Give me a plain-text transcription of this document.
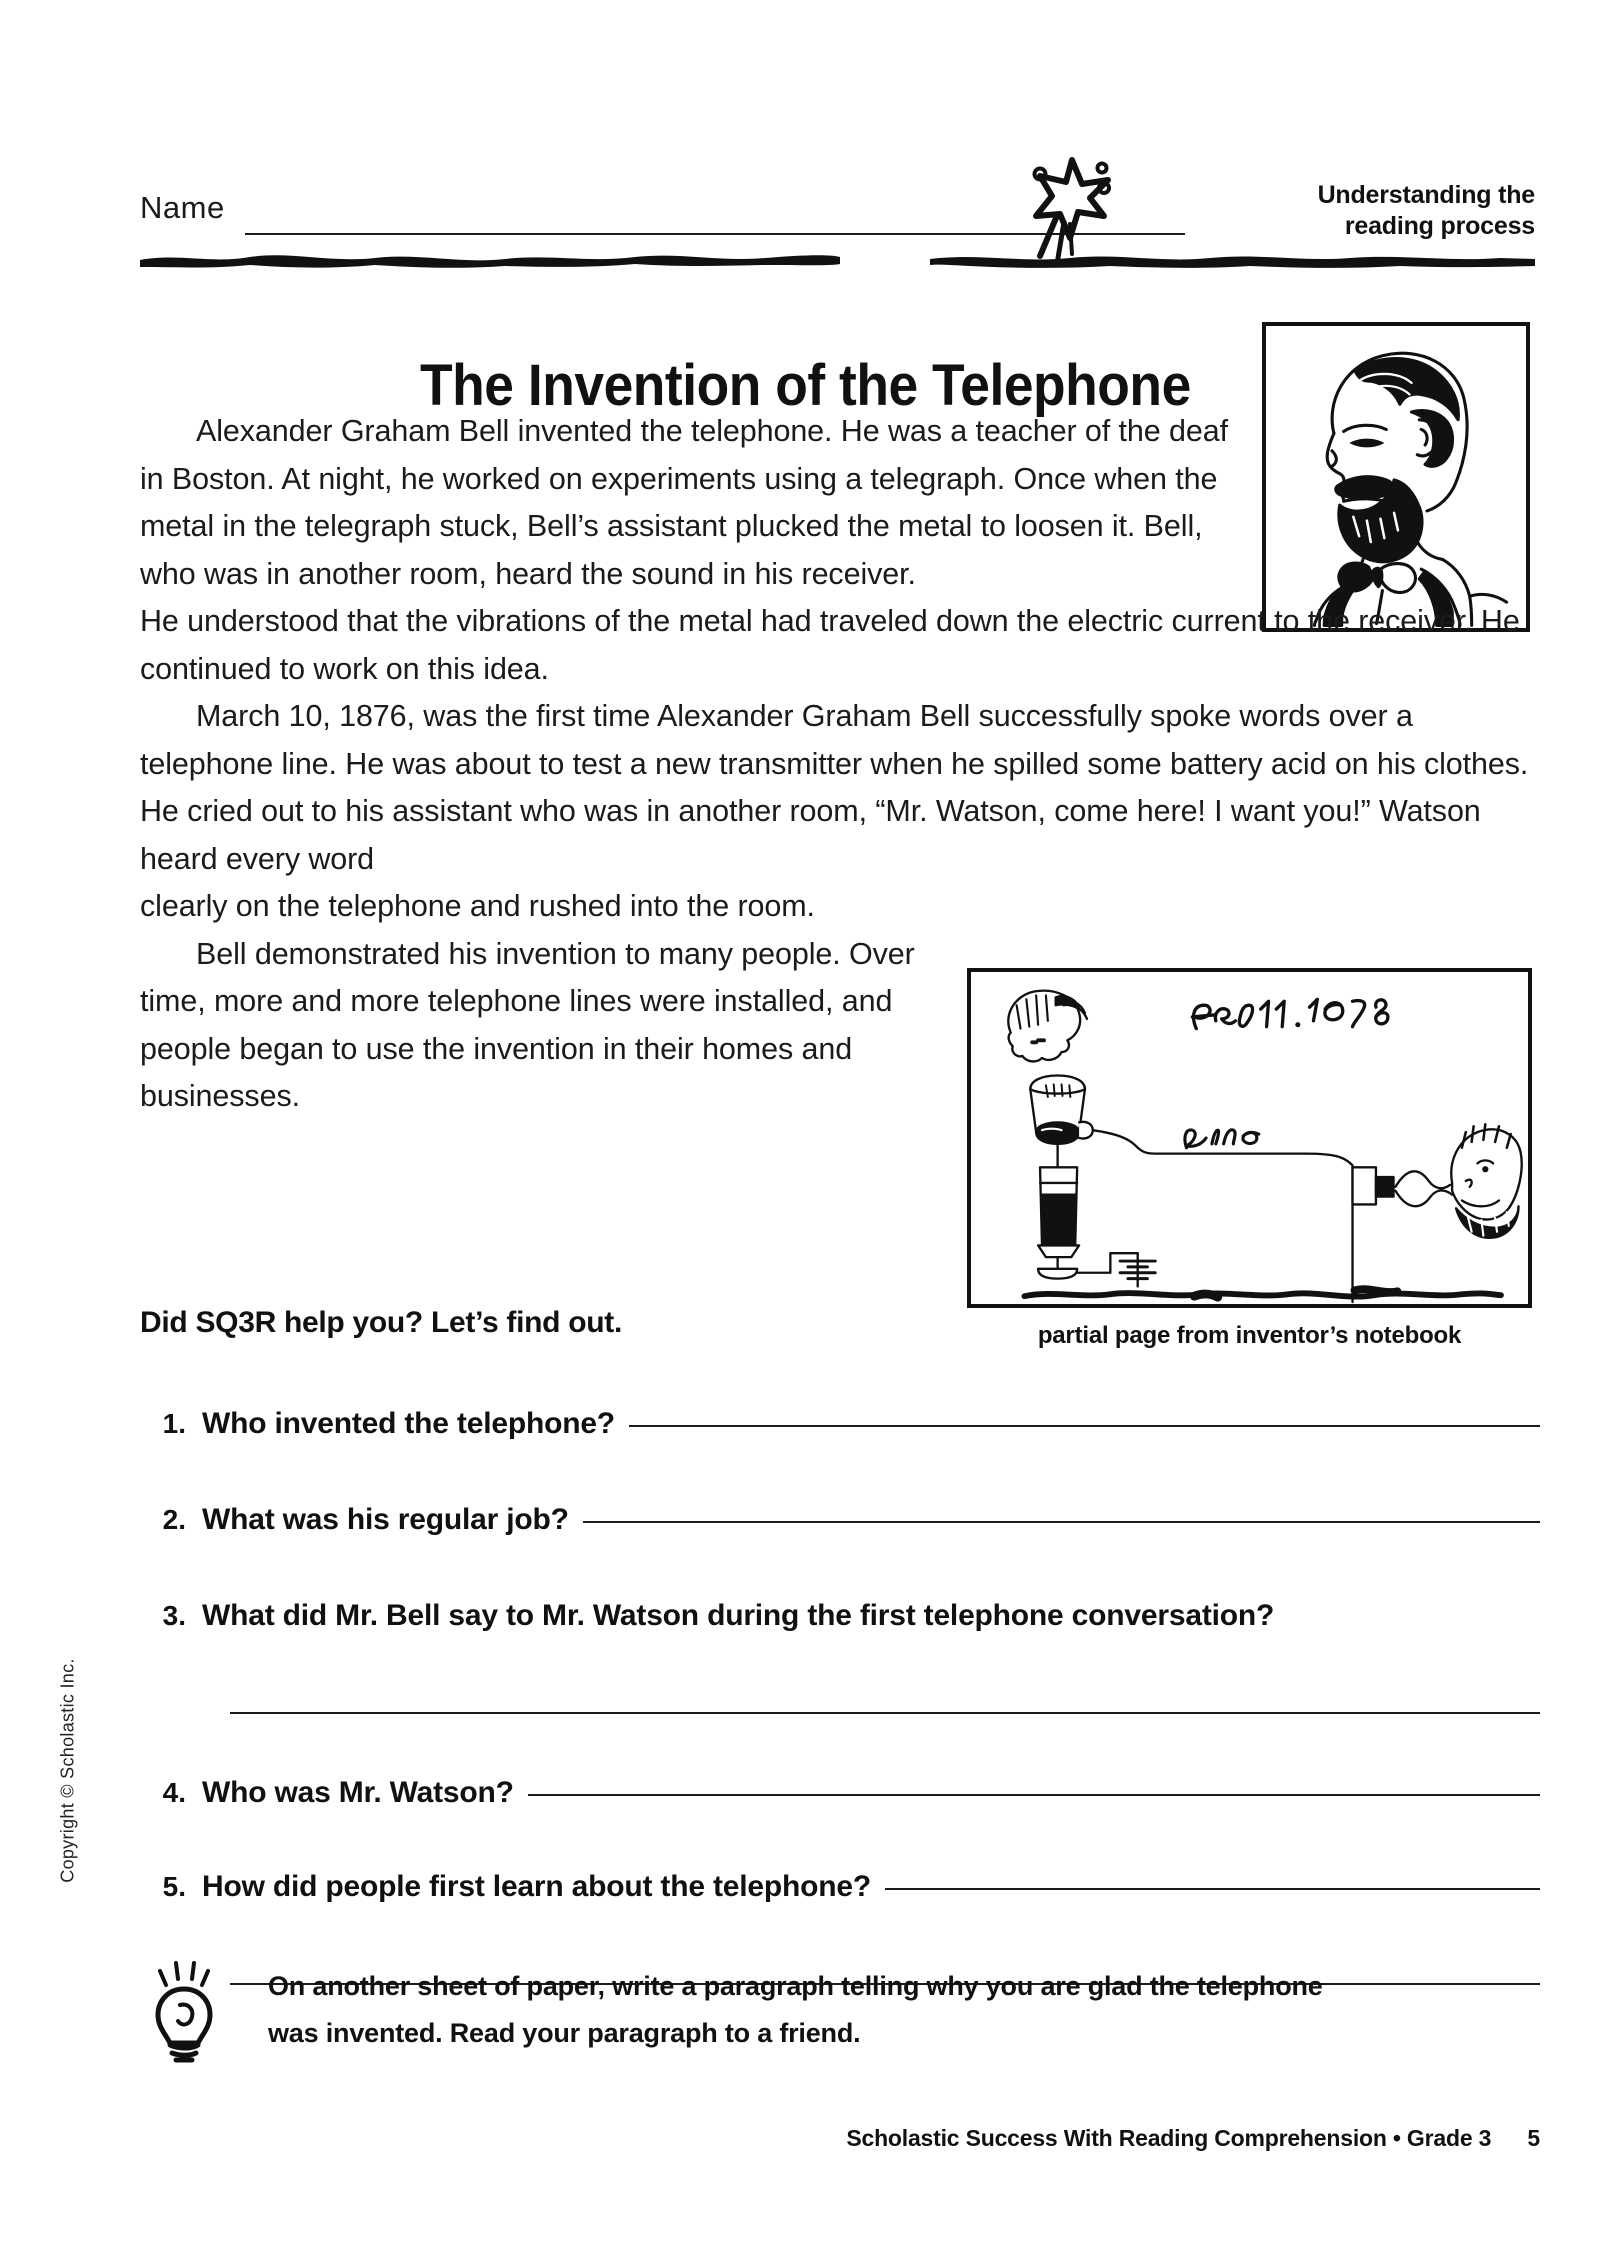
Name	Understanding the
reading process
The Invention of the Telephone

Alexander Graham Bell invented the telephone. He was a teacher of the deaf in Boston. At night, he worked on experiments using a telegraph. Once when the metal in the telegraph stuck, Bell’s assistant plucked the metal to loosen it. Bell, who was in another room, heard the sound in his receiver.

He understood that the vibrations of the metal had traveled down the electric current to the receiver. He continued to work on this idea.

March 10, 1876, was the first time Alexander Graham Bell successfully spoke words over a telephone line. He was about to test a new transmitter when he spilled some battery acid on his clothes. He cried out to his assistant who was in another room, “Mr. Watson, come here! I want you!” Watson heard every word

clearly on the telephone and rushed into the room.

Bell demonstrated his invention to many people. Over time, more and more telephone lines were installed, and people began to use the invention in their homes and businesses.

partial page from inventor’s notebook
Did SQ3R help you? Let’s find out.
1. Who invented the telephone?
2. What was his regular job?
3. What did Mr. Bell say to Mr. Watson during the first telephone conversation?
4. Who was Mr. Watson?
5. How did people first learn about the telephone?
Copyright © Scholastic Inc.
On another sheet of paper, write a paragraph telling why you are glad the telephone
was invented. Read your paragraph to a friend.
Scholastic Success With Reading Comprehension • Grade 3 5
